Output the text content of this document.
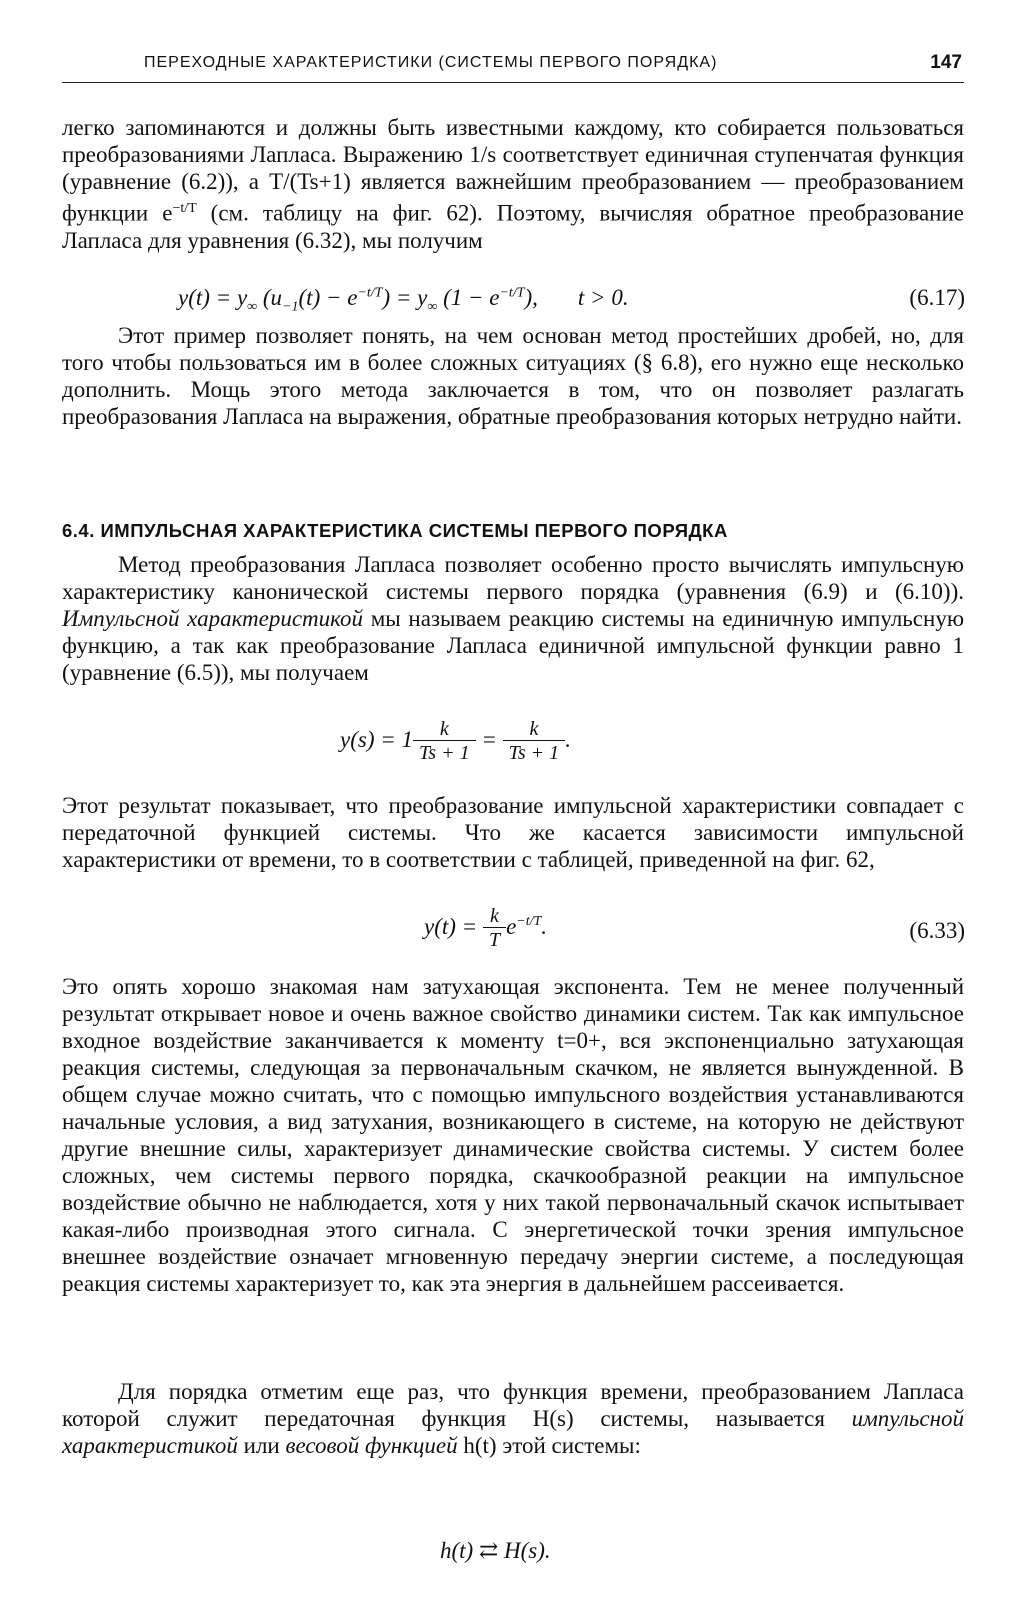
ПЕРЕХОДНЫЕ ХАРАКТЕРИСТИКИ (СИСТЕМЫ ПЕРВОГО ПОРЯДКА)	147

легко запоминаются и должны быть известными каждому, кто собирается пользоваться преобразованиями Лапласа. Выражению 1/s соответствует единичная ступенчатая функция (уравнение (6.2)), а T/(Ts+1) является важнейшим преобразованием — преобразованием функции $e^{-t/T}$ (см. таблицу на фиг. 62). Поэтому, вычисляя обратное преобразование Лапласа для уравнения (6.32), мы получим

$y(t) = y_\infty$ $(u_{-1}(t) - e^{-t/T}) = y_\infty$ $(1 - e^{-t/T})$, t > 0.	(6.17)

Этот пример позволяет понять, на чем основан метод простейших дробей, но, для того чтобы пользоваться им в более сложных ситуациях (§ 6.8), его нужно еще несколько дополнить. Мощь этого метода заключается в том, что он позволяет разлагать преобразования Лапласа на выражения, обратные преобразования которых нетрудно найти.

6.4. ИМПУЛЬСНАЯ ХАРАКТЕРИСТИКА СИСТЕМЫ ПЕРВОГО ПОРЯДКА

Метод преобразования Лапласа позволяет особенно просто вычислять импульсную характеристику канонической системы первого порядка (уравнения (6.9) и (6.10)). Импульсной характеристикой мы называем реакцию системы на единичную импульсную функцию, а так как преобразование Лапласа единичной импульсной функции равно 1 (уравнение (6.5)), мы получаем

$y(s) = 1 \frac{k}{Ts + 1} = \frac{k}{Ts + 1}$ .

Этот результат показывает, что преобразование импульсной характеристики совпадает с передаточной функцией системы. Что же касается зависимости импульсной характеристики от времени, то в соответствии с таблицей, приведенной на фиг. 62,

$y(t) = \frac{k}{T} e^{-t/T}$.	(6.33)

Это опять хорошо знакомая нам затухающая экспонента. Тем не менее полученный результат открывает новое и очень важное свойство динамики систем. Так как импульсное входное воздействие заканчивается к моменту t=0+, вся экспоненциально затухающая реакция системы, следующая за первоначальным скачком, не является вынужденной. В общем случае можно считать, что с помощью импульсного воздействия устанавливаются начальные условия, а вид затухания, возникающего в системе, на которую не действуют другие внешние силы, характеризует динамические свойства системы. У систем более сложных, чем системы первого порядка, скачкообразной реакции на импульсное воздействие обычно не наблюдается, хотя у них такой первоначальный скачок испытывает какая-либо производная этого сигнала. С энергетической точки зрения импульсное внешнее воздействие означает мгновенную передачу энергии системе, а последующая реакция системы характеризует то, как эта энергия в дальнейшем рассеивается.

Для порядка отметим еще раз, что функция времени, преобразованием Лапласа которой служит передаточная функция H(s) системы, называется импульсной характеристикой или весовой функцией h(t) этой системы:

h(t) ⇄ H(s).
